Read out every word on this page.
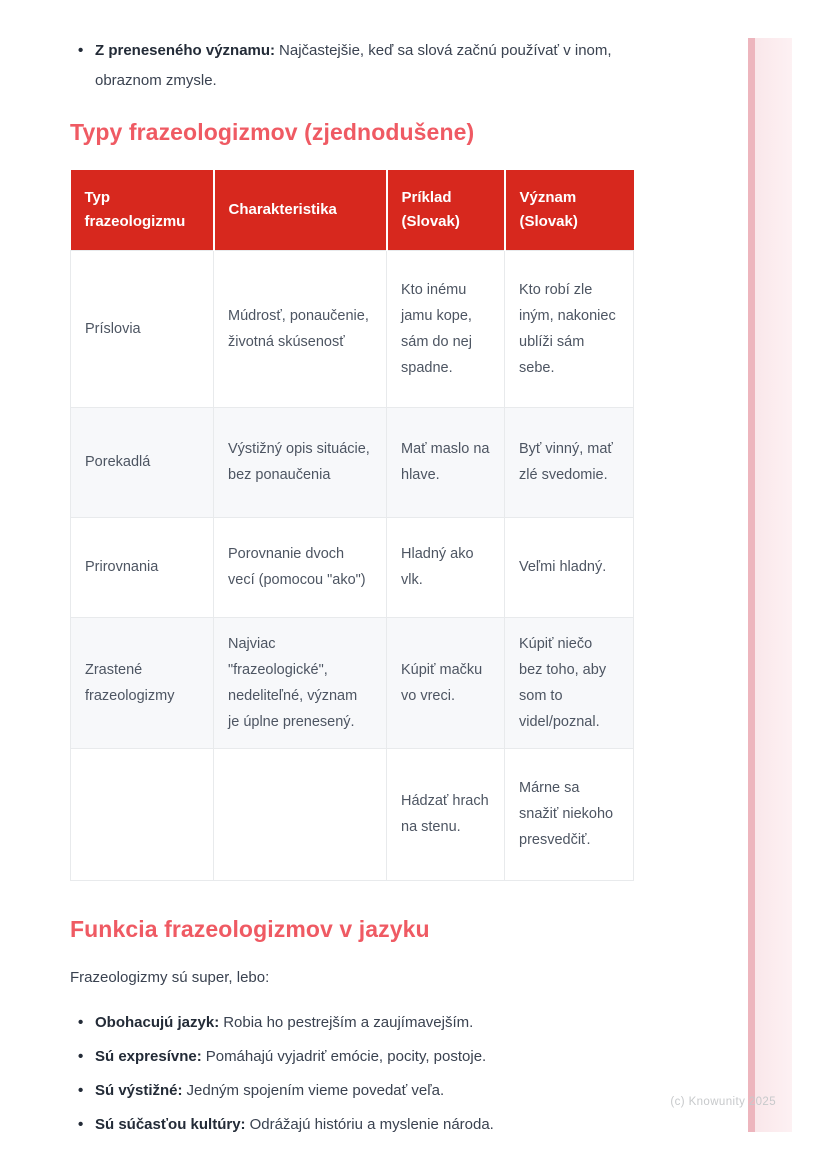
• Z preneseného významu: Najčastejšie, keď sa slová začnú používať v inom, obraznom zmysle.
Typy frazeologizmov (zjednodušene)
Typ frazeologizmu	Charakteristika	Príklad (Slovak)	Význam (Slovak)
Príslovia	Múdrosť, ponaučenie, životná skúsenosť	Kto inému jamu kope, sám do nej spadne.	Kto robí zle iným, nakoniec ublíži sám sebe.
Porekadlá	Výstižný opis situácie, bez ponaučenia	Mať maslo na hlave.	Byť vinný, mať zlé svedomie.
Prirovnania	Porovnanie dvoch vecí (pomocou "ako")	Hladný ako vlk.	Veľmi hladný.
Zrastené frazeologizmy	Najviac "frazeologické", nedeliteľné, význam je úplne prenesený.	Kúpiť mačku vo vreci.	Kúpiť niečo bez toho, aby som to videl/poznal.
		Hádzať hrach na stenu.	Márne sa snažiť niekoho presvedčiť.
Funkcia frazeologizmov v jazyku

Frazeologizmy sú super, lebo:

• Obohacujú jazyk: Robia ho pestrejším a zaujímavejším.
• Sú expresívne: Pomáhajú vyjadriť emócie, pocity, postoje.
• Sú výstižné: Jedným spojením vieme povedať veľa.
• Sú súčasťou kultúry: Odrážajú históriu a myslenie národa.
(c) Knowunity 2025
